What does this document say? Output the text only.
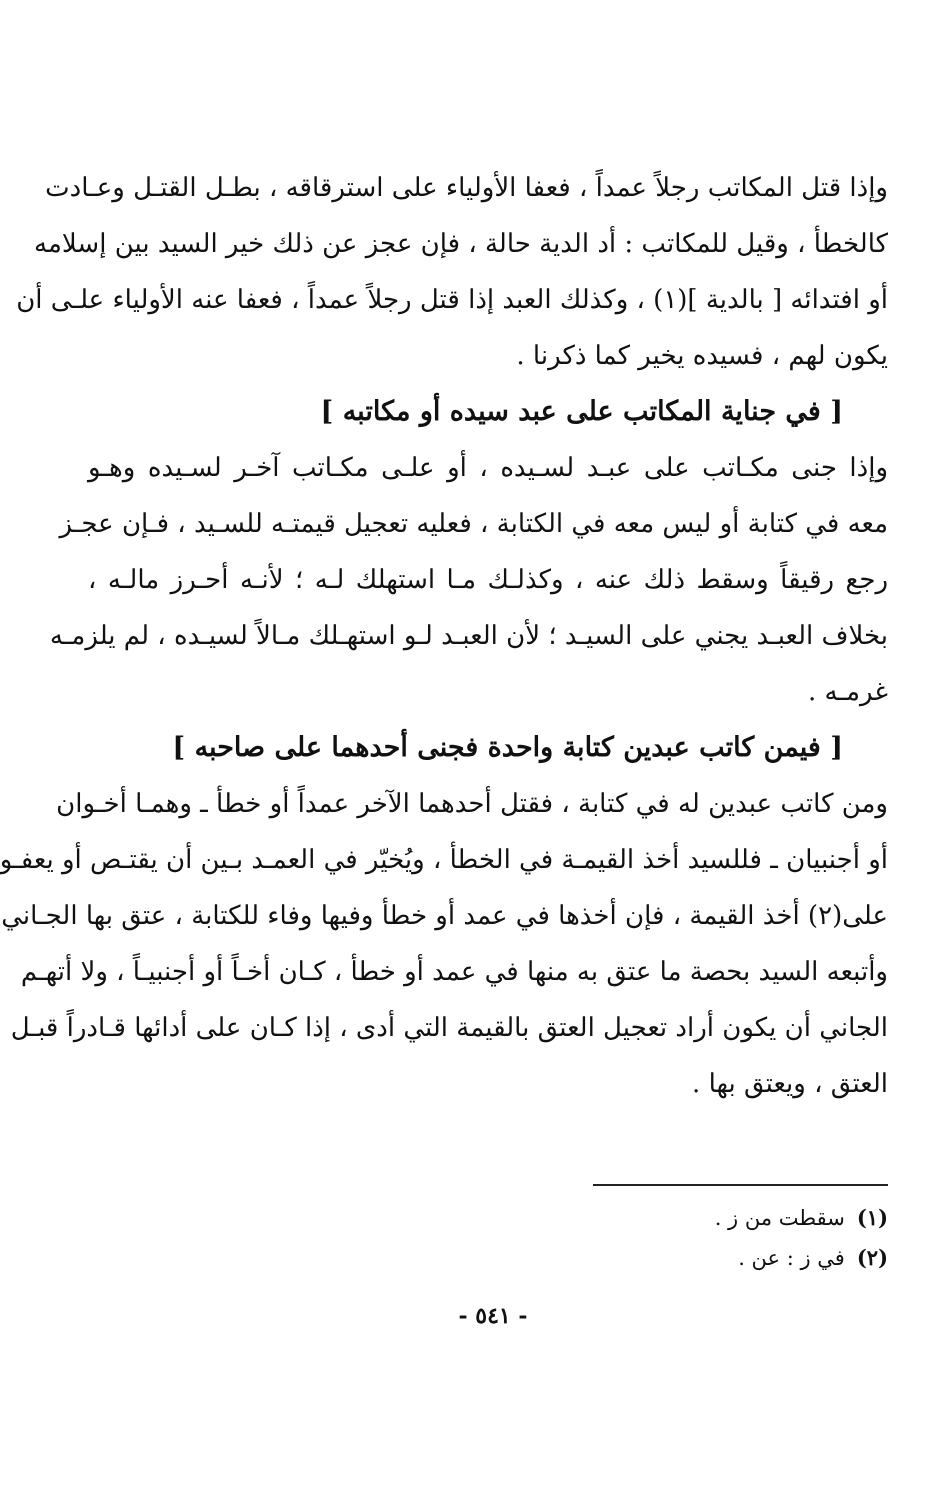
وإذا قتل المكاتب رجلاً عمداً ، فعفا الأولياء على استرقاقه ، بطـل القتـل وعـادت
كالخطأ ، وقيل للمكاتب : أد الدية حالة ، فإن عجز عن ذلك خير السيد بين إسلامه
أو افتدائه [ بالدية ](١) ، وكذلك العبد إذا قتل رجلاً عمداً ، فعفا عنه الأولياء علـى أن
يكون لهم ، فسيده يخير كما ذكرنا .
[ في جناية المكاتب على عبد سيده أو مكاتبه ]
وإذا جنى مكـاتب على عبـد لسـيده ، أو علـى مكـاتب آخـر لسـيده وهـو
معه في كتابة أو ليس معه في الكتابة ، فعليه تعجيل قيمتـه للسـيد ، فـإن عجـز
رجع رقيقاً وسقط ذلك عنه ، وكذلـك مـا استهلك لـه ؛ لأنـه أحـرز مالـه ،
بخلاف العبـد يجني على السيـد ؛ لأن العبـد لـو استهـلك مـالاً لسيـده ، لم يلزمـه
غرمـه .
[ فيمن كاتب عبدين كتابة واحدة فجنى أحدهما على صاحبه ]
ومن كاتب عبدين له في كتابة ، فقتل أحدهما الآخر عمداً أو خطأ ـ وهمـا أخـوان
أو أجنبيان ـ فللسيد أخذ القيمـة في الخطأ ، ويُخيّر في العمـد بـين أن يقتـص أو يعفـو
على(٢) أخذ القيمة ، فإن أخذها في عمد أو خطأ وفيها وفاء للكتابة ، عتق بها الجـاني
وأتبعه السيد بحصة ما عتق به منها في عمد أو خطأ ، كـان أخـاً أو أجنبيـاً ، ولا أتهـم
الجاني أن يكون أراد تعجيل العتق بالقيمة التي أدى ، إذا كـان على أدائها قـادراً قبـل
العتق ، ويعتق بها .
(١)سقطت من ز .
(٢)في ز : عن .
- ٥٤١ -
